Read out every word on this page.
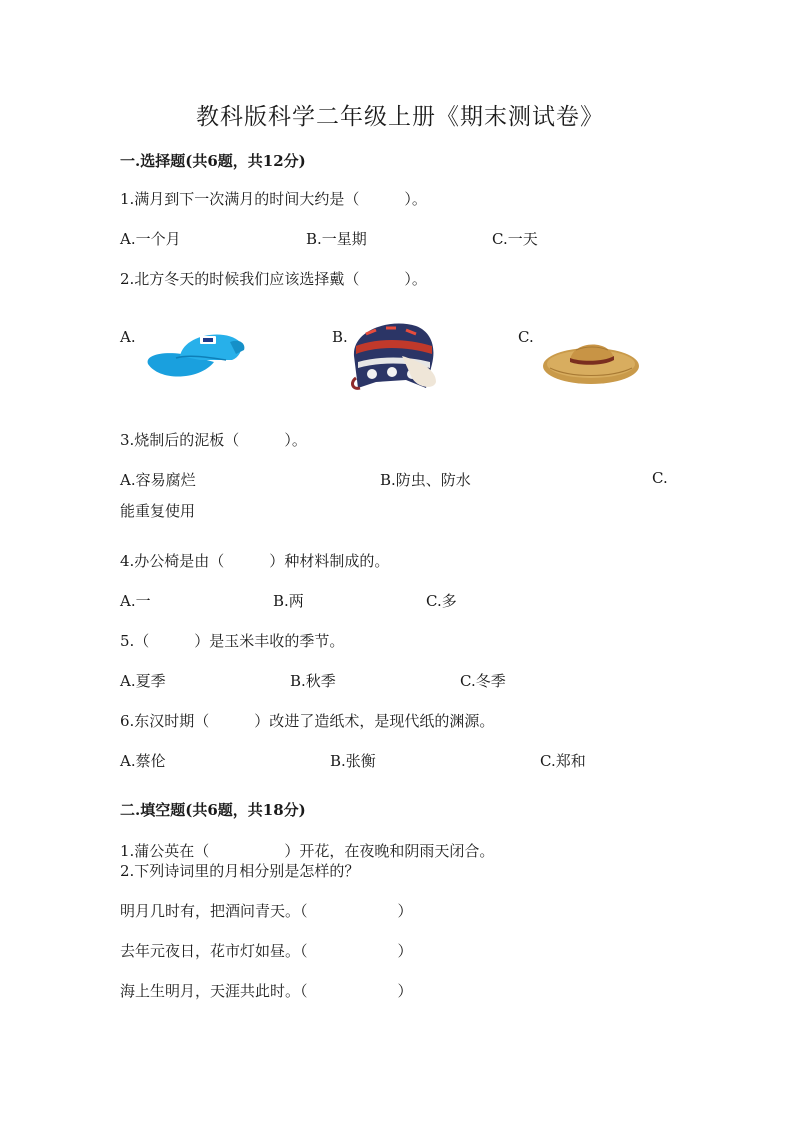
教科版科学二年级上册《期末测试卷》
一.选择题(共6题，共12分)
1.满月到下一次满月的时间大约是（　　　）。
A.一个月	B.一星期	C.一天
2.北方冬天的时候我们应该选择戴（　　　）。
A.	B.	C.
3.烧制后的泥板（　　　）。
A.容易腐烂	B.防虫、防水	C.
能重复使用
4.办公椅是由（　　　）种材料制成的。
A.一	B.两	C.多
5.（　　　）是玉米丰收的季节。
A.夏季	B.秋季	C.冬季
6.东汉时期（　　　）改进了造纸术，是现代纸的渊源。
A.蔡伦	B.张衡	C.郑和
二.填空题(共6题，共18分)
1.蒲公英在（　　　　　）开花，在夜晚和阴雨天闭合。
2.下列诗词里的月相分别是怎样的？
明月几时有，把酒问青天。（　　　　　　）
去年元夜日，花市灯如昼。（　　　　　　）
海上生明月，天涯共此时。（　　　　　　）
